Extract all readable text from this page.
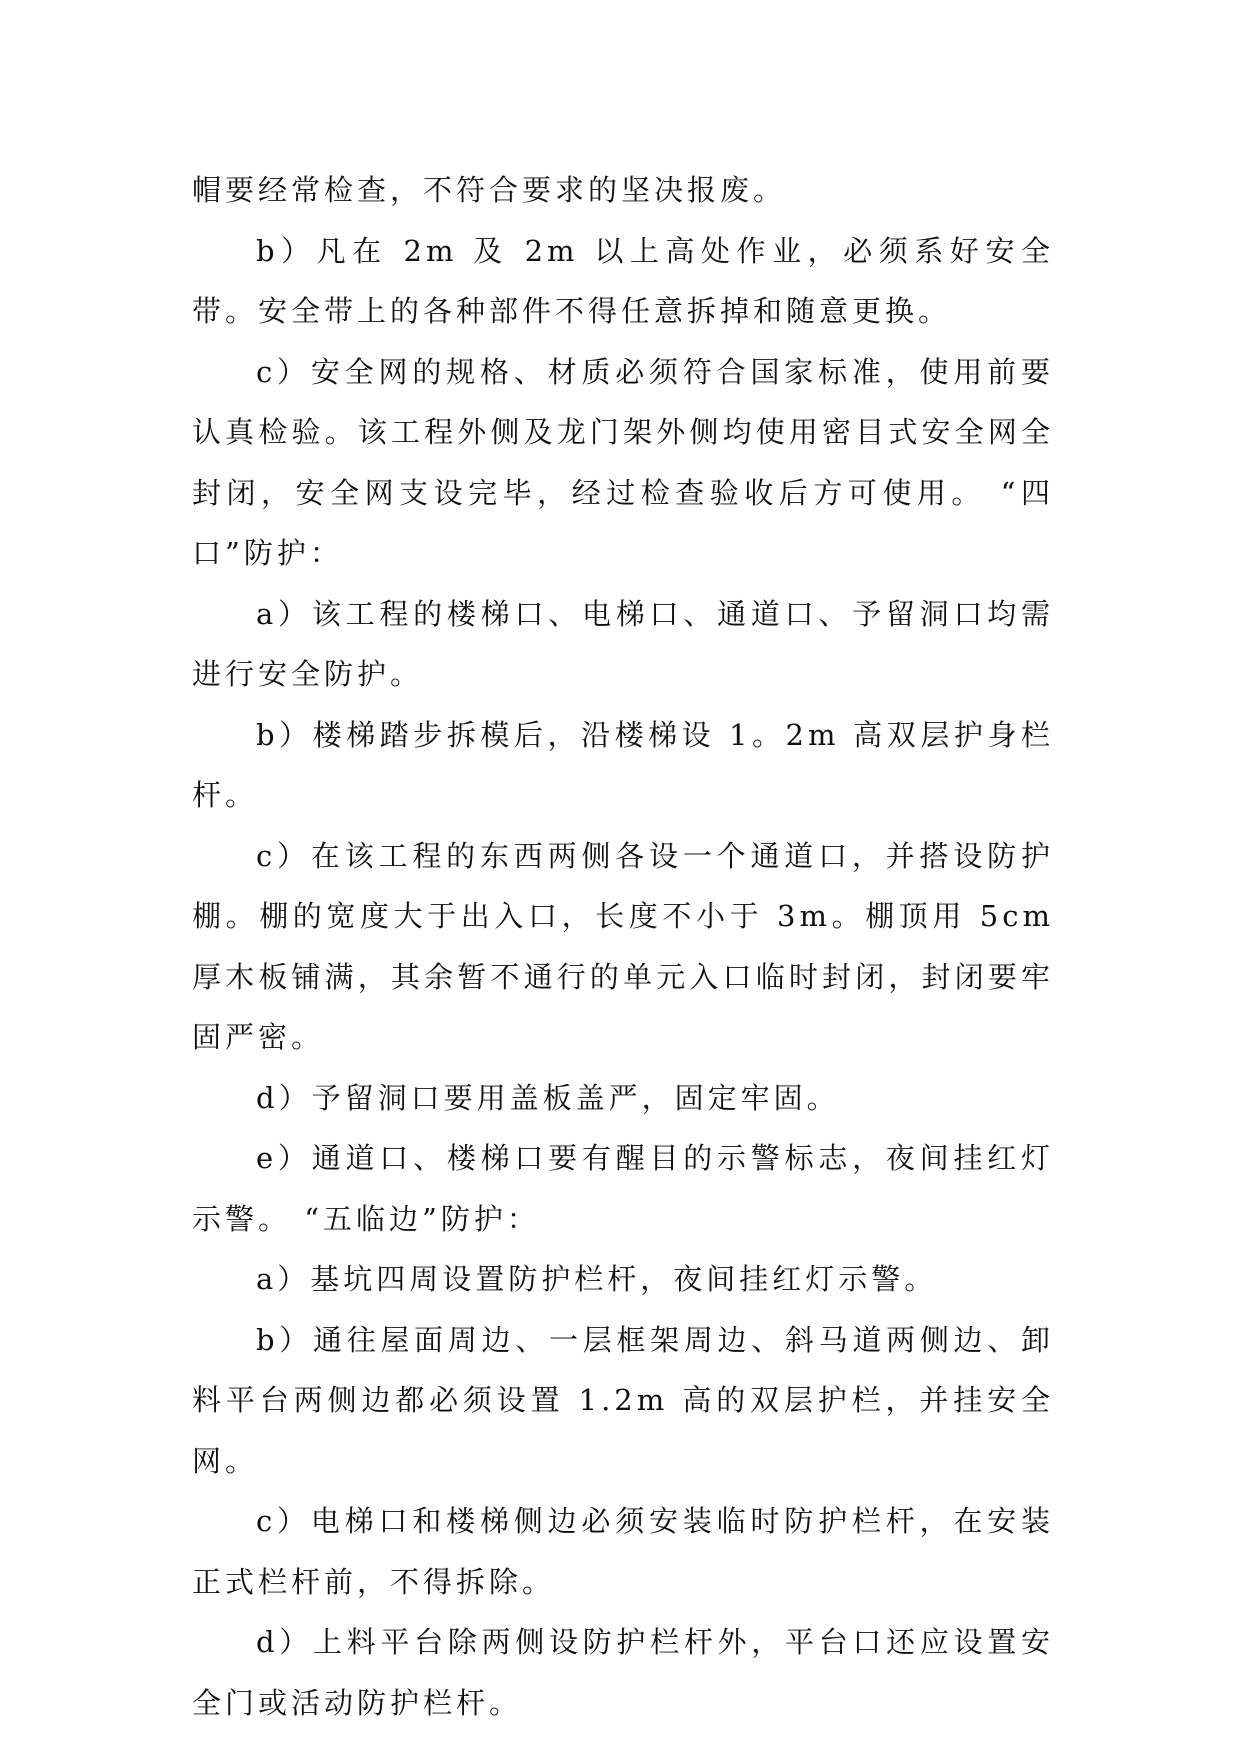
帽要经常检查，不符合要求的坚决报废。

b）凡在 2m 及 2m 以上高处作业，必须系好安全带。安全带上的各种部件不得任意拆掉和随意更换。

c）安全网的规格、材质必须符合国家标准，使用前要认真检验。该工程外侧及龙门架外侧均使用密目式安全网全封闭，安全网支设完毕，经过检查验收后方可使用。 “四口”防护：

a）该工程的楼梯口、电梯口、通道口、予留洞口均需进行安全防护。

b）楼梯踏步拆模后，沿楼梯设 1。2m 高双层护身栏杆。

c）在该工程的东西两侧各设一个通道口，并搭设防护棚。棚的宽度大于出入口，长度不小于 3m。棚顶用 5cm 厚木板铺满，其余暂不通行的单元入口临时封闭，封闭要牢固严密。

d）予留洞口要用盖板盖严，固定牢固。

e）通道口、楼梯口要有醒目的示警标志，夜间挂红灯示警。 “五临边”防护：

a）基坑四周设置防护栏杆，夜间挂红灯示警。

b）通往屋面周边、一层框架周边、斜马道两侧边、卸料平台两侧边都必须设置 1.2m 高的双层护栏，并挂安全网。

c）电梯口和楼梯侧边必须安装临时防护栏杆，在安装正式栏杆前，不得拆除。

d）上料平台除两侧设防护栏杆外，平台口还应设置安全门或活动防护栏杆。
